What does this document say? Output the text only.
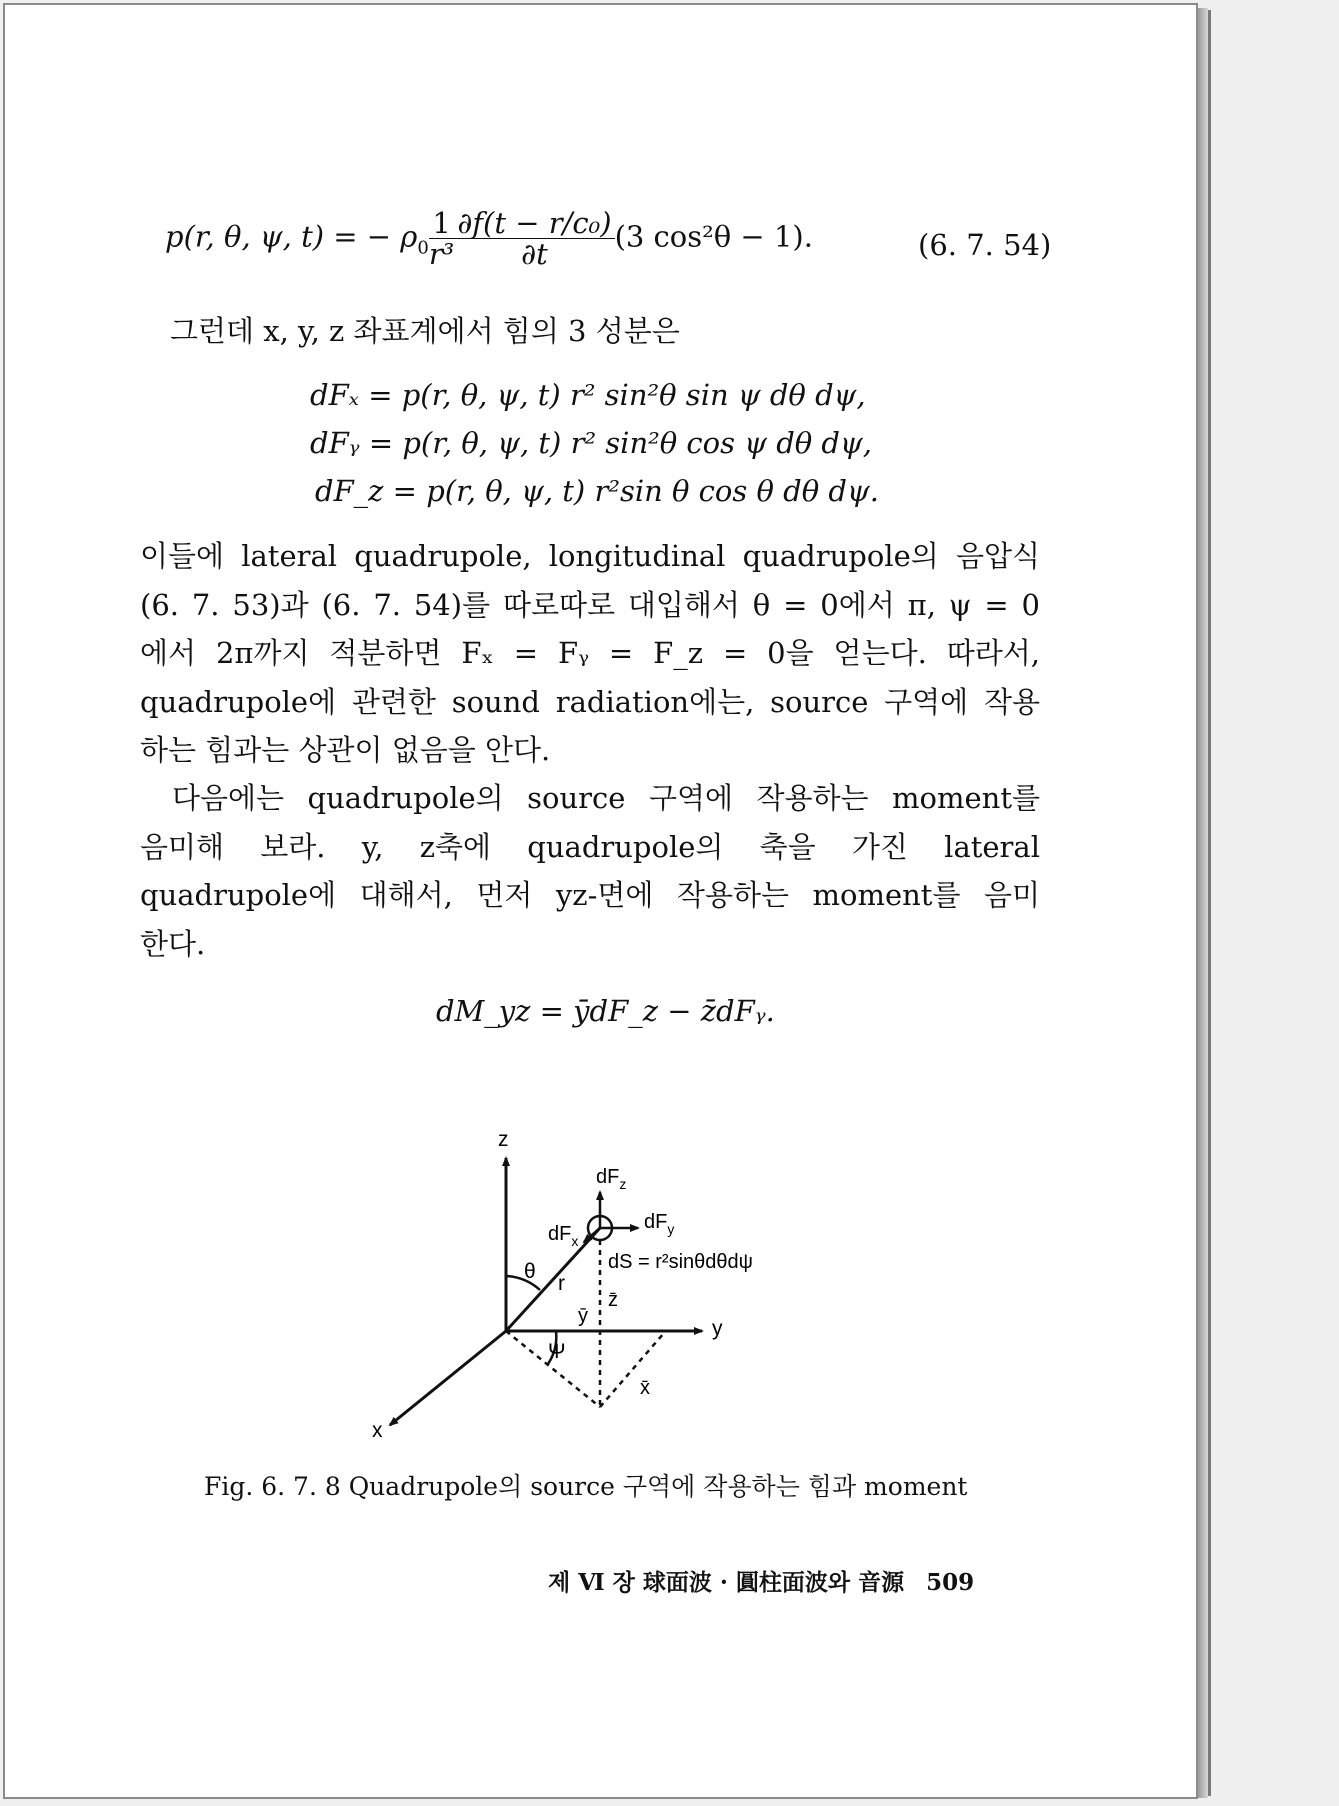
p(r, θ, ψ, t) = − $\rho_0 \frac{1}{\text{r³}} \frac{\text{∂f(t − r/c₀)}}{\partial t} (3$ cos²θ − 1).	(6. 7. 54)
그런데 x, y, z 좌표계에서 힘의 3 성분은
dFₓ = p(r, θ, ψ, t) r² sin²θ sin ψ dθ dψ,
dFᵧ = p(r, θ, ψ, t) r² sin²θ cos ψ dθ dψ,
dF_z = p(r, θ, ψ, t) r²sin θ cos θ dθ dψ.
이들에 lateral quadrupole, longitudinal quadrupole의 음압식
(6. 7. 53)과 (6. 7. 54)를 따로따로 대입해서 θ = 0에서 π, ψ = 0
에서 2π까지 적분하면 Fₓ = Fᵧ = F_z = 0을 얻는다. 따라서,
quadrupole에 관련한 sound radiation에는, source 구역에 작용
하는 힘과는 상관이 없음을 안다.
다음에는 quadrupole의 source 구역에 작용하는 moment를
음미해 보라. y, z축에 quadrupole의 축을 가진 lateral
quadrupole에 대해서, 먼저 yz-면에 작용하는 moment를 음미
한다.
dM_yz = ȳdF_z − z̄dFᵧ.
z
y
x
θ
r
Ψ
$dF_z$
$dF_y$
$dF_x$
dS = r²sinθdθdψ
ȳ
z̄
x̄
Fig. 6. 7. 8 Quadrupole의 source 구역에 작용하는 힘과 moment
제 Ⅵ 장 球面波 · 圓柱面波와 音源 509
